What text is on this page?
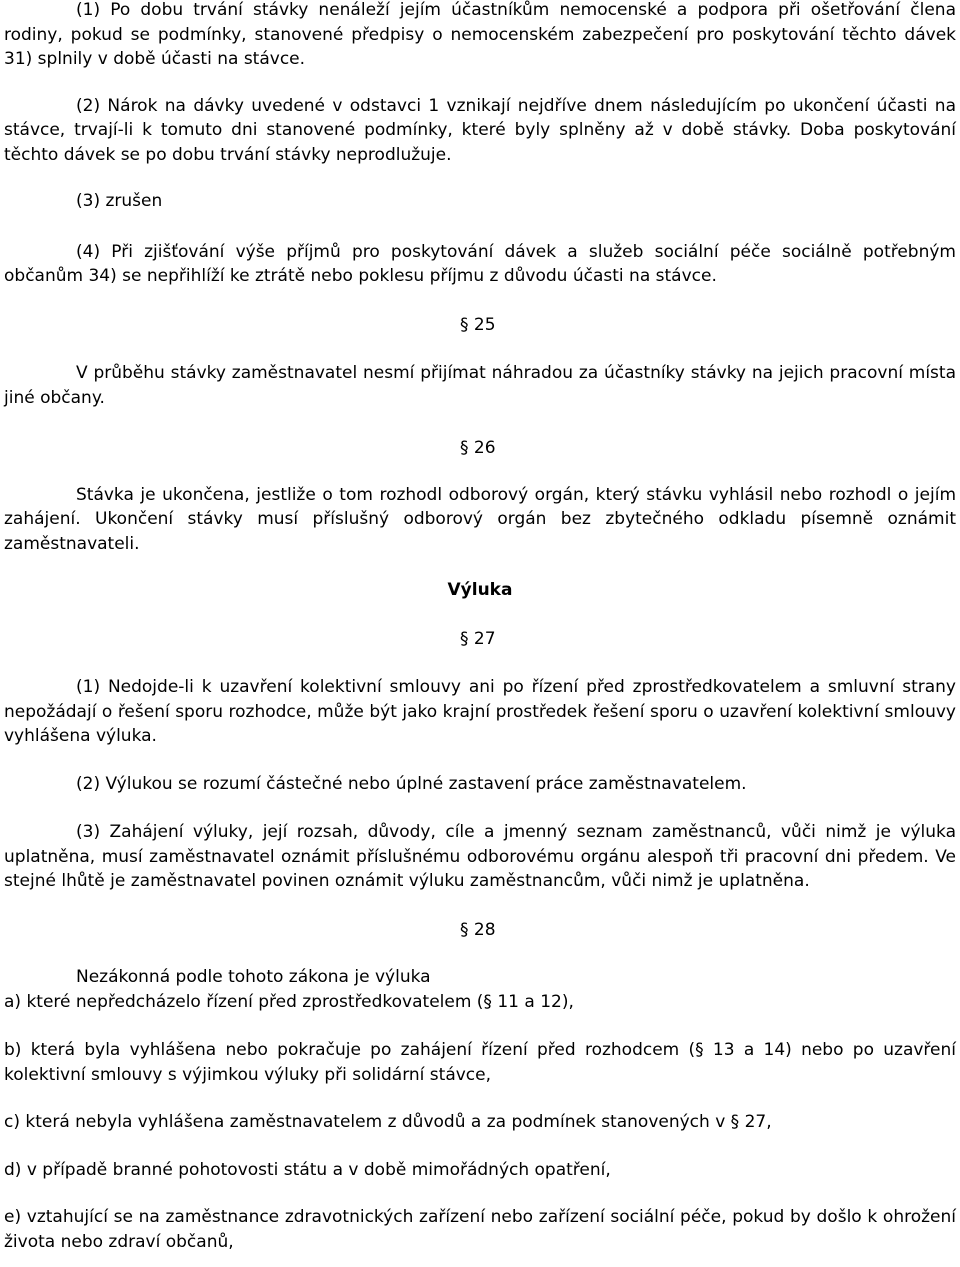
(1) Po dobu trvání stávky nenáleží jejím účastníkům nemocenské a podpora při ošetřování člena rodiny, pokud se podmínky, stanovené předpisy o nemocenském zabezpečení pro poskytování těchto dávek 31) splnily v době účasti na stávce.

(2) Nárok na dávky uvedené v odstavci 1 vznikají nejdříve dnem následujícím po ukončení účasti na stávce, trvají-li k tomuto dni stanovené podmínky, které byly splněny až v době stávky. Doba poskytování těchto dávek se po dobu trvání stávky neprodlužuje.

(3) zrušen

(4) Při zjišťování výše příjmů pro poskytování dávek a služeb sociální péče sociálně potřebným občanům 34) se nepřihlíží ke ztrátě nebo poklesu příjmu z důvodu účasti na stávce.

§ 25

V průběhu stávky zaměstnavatel nesmí přijímat náhradou za účastníky stávky na jejich pracovní místa jiné občany.

§ 26

Stávka je ukončena, jestliže o tom rozhodl odborový orgán, který stávku vyhlásil nebo rozhodl o jejím zahájení. Ukončení stávky musí příslušný odborový orgán bez zbytečného odkladu písemně oznámit zaměstnavateli.

Výluka

§ 27

(1) Nedojde-li k uzavření kolektivní smlouvy ani po řízení před zprostředkovatelem a smluvní strany nepožádají o řešení sporu rozhodce, může být jako krajní prostředek řešení sporu o uzavření kolektivní smlouvy vyhlášena výluka.

(2) Výlukou se rozumí částečné nebo úplné zastavení práce zaměstnavatelem.

(3) Zahájení výluky, její rozsah, důvody, cíle a jmenný seznam zaměstnanců, vůči nimž je výluka uplatněna, musí zaměstnavatel oznámit příslušnému odborovému orgánu alespoň tři pracovní dni předem. Ve stejné lhůtě je zaměstnavatel povinen oznámit výluku zaměstnancům, vůči nimž je uplatněna.

§ 28

Nezákonná podle tohoto zákona je výluka

a) které nepředcházelo řízení před zprostředkovatelem (§ 11 a 12),

b) která byla vyhlášena nebo pokračuje po zahájení řízení před rozhodcem (§ 13 a 14) nebo po uzavření kolektivní smlouvy s výjimkou výluky při solidární stávce,

c) která nebyla vyhlášena zaměstnavatelem z důvodů a za podmínek stanovených v § 27,

d) v případě branné pohotovosti státu a v době mimořádných opatření,

e) vztahující se na zaměstnance zdravotnických zařízení nebo zařízení sociální péče, pokud by došlo k ohrožení života nebo zdraví občanů,
